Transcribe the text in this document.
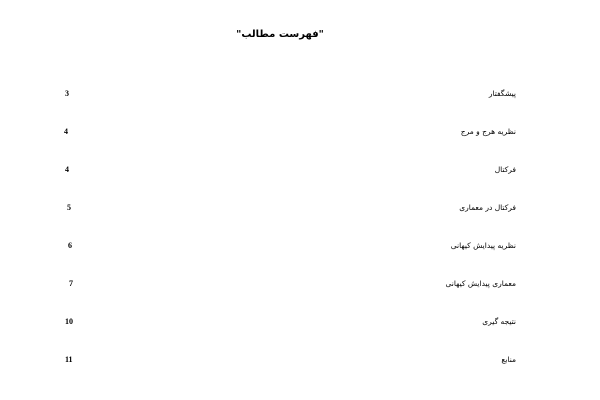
"فهرست مطالب"
پیشگفتار
3
نظریه هرج و مرج
4
فرکتال
4
فرکتال در معماری
5
نظریه پیدایش کیهانی
6
معماری پیدایش کیهانی
7
نتیجه گیری
10
منابع
11
